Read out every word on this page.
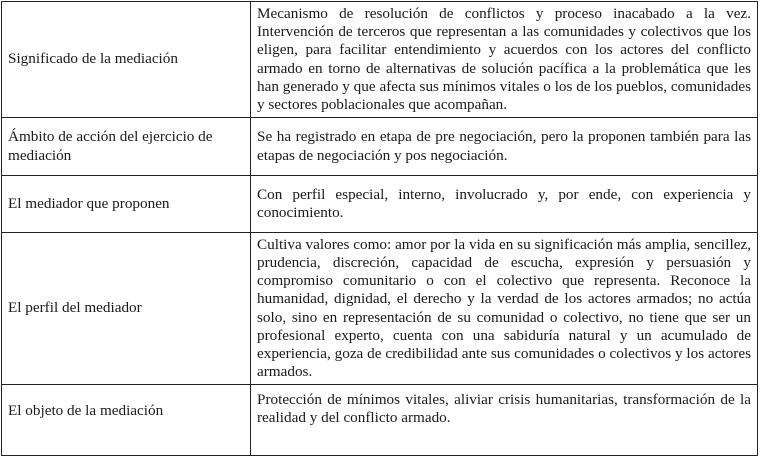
Significado de la mediación	Mecanismo de resolución de conflictos y proceso inacabado a la vez. Intervención de terceros que representan a las comunidades y colectivos que los eligen, para facilitar entendimiento y acuerdos con los actores del conflicto armado en torno de alternativas de solución pacífica a la problemática que les han generado y que afecta sus mínimos vitales o los de los pueblos, comunidades y sectores poblacionales que acompañan.
Ámbito de acción del ejercicio de mediación	Se ha registrado en etapa de pre negociación, pero la proponen también para las etapas de negociación y pos negociación.
El mediador que proponen	Con perfil especial, interno, involucrado y, por ende, con experiencia y conocimiento.
El perfil del mediador	Cultiva valores como: amor por la vida en su significación más amplia, sencillez, prudencia, discreción, capacidad de escucha, expresión y persuasión y compromiso comunitario o con el colectivo que representa. Reconoce la humanidad, dignidad, el derecho y la verdad de los actores armados; no actúa solo, sino en representación de su comunidad o colectivo, no tiene que ser un profesional experto, cuenta con una sabiduría natural y un acumulado de experiencia, goza de credibilidad ante sus comunidades o colectivos y los actores armados.
El objeto de la mediación	Protección de mínimos vitales, aliviar crisis humanitarias, transformación de la realidad y del conflicto armado.
